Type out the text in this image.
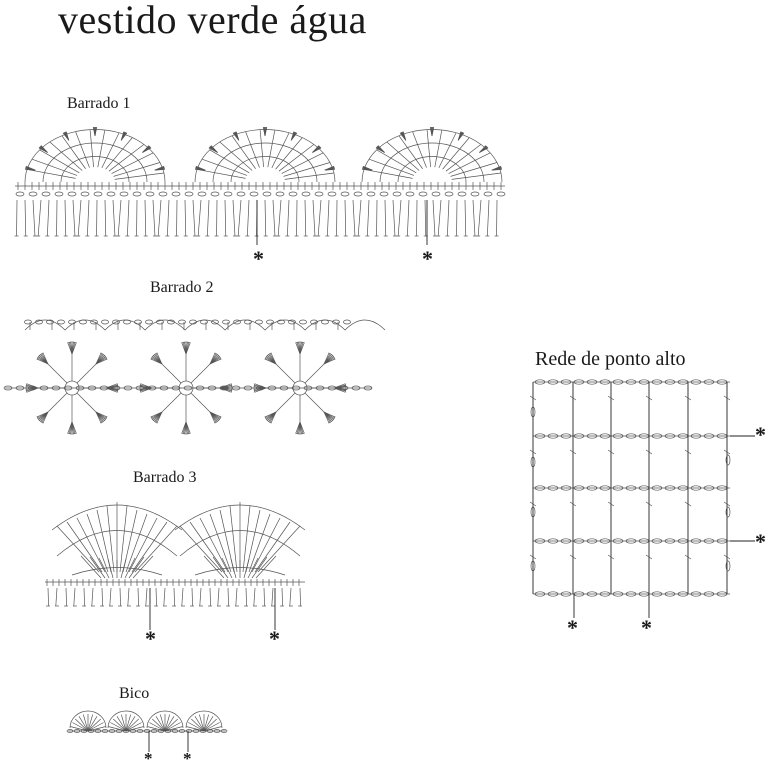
vestido verde água
Barrado 1
Barrado 2
Barrado 3
Bico
Rede de ponto alto
*	*
*	*
* *
*
*
*	*
